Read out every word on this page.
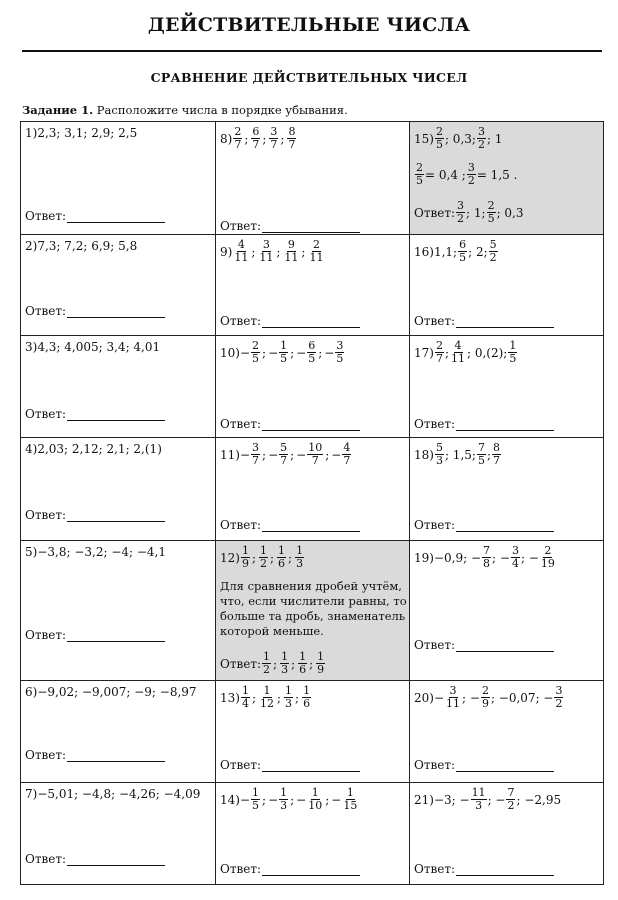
ДЕЙСТВИТЕЛЬНЫЕ ЧИСЛА
СРАВНЕНИЕ ДЕЙСТВИТЕЛЬНЫХ ЧИСЕЛ
Задание 1. Расположите числа в порядке убывания.
1) 2,3; 3,1; 2,9; 2,5
Ответ:
2) 7,3; 7,2; 6,9; 5,8
Ответ:
3) 4,3; 4,005; 3,4; 4,01
Ответ:
4) 2,03; 2,12; 2,1; 2,(1)
Ответ:
5) −3,8; −3,2; −4; −4,1
Ответ:
6) −9,02; −9,007; −9; −8,97
Ответ:
7) −5,01; −4,8; −4,26; −4,09
Ответ:
$8) \frac{2}{7}$ ; $\frac{6}{7}$ ; $\frac{3}{7}$ ; $\frac{8}{7}$
Ответ:
$9) \frac{4}{11}$ ; $\frac{3}{11}$ ; $\frac{9}{11}$ ; $\frac{2}{11}$
Ответ:
$10) - \frac{2}{5}$ ; − $\frac{1}{5}$ ; − $\frac{6}{5}$ ; − $\frac{3}{5}$
Ответ:
$11) - \frac{3}{7}$ ; − $\frac{5}{7}$ ; − $\frac{10}{7}$ ; − $\frac{4}{7}$
Ответ:
$12) \frac{1}{9}$ ; $\frac{1}{2}$ ; $\frac{1}{6}$ ; $\frac{1}{3}$
Для сравнения дробей учтём, что, если числители равны, то больше та дробь, знаменатель которой меньше.
Ответ: $\frac{1}{2}$ ; $\frac{1}{3}$ ; $\frac{1}{6}$ ; $\frac{1}{9}$
$13) \frac{1}{4}$ ; $\frac{1}{12}$ ; $\frac{1}{3}$ ; $\frac{1}{6}$
Ответ:
$14) - \frac{1}{5}$ ; − $\frac{1}{3}$ ; − $\frac{1}{10}$ ; − $\frac{1}{15}$
Ответ:
$15) \frac{2}{5}$ ; 0,3; $\frac{3}{2}$ ; 1
$\frac{2}{5} = 0,4$ ; $\frac{3}{2} = 1,5$ .
Ответ: $\frac{3}{2}$ ; 1; $\frac{2}{5}$ ; 0,3
16) 1,1; $\frac{6}{5}$ ; 2; $\frac{5}{2}$
Ответ:
$17) \frac{2}{7}$ ; $\frac{4}{11}$ ; 0,(2); $\frac{1}{5}$
Ответ:
$18) \frac{5}{3}$ ; 1,5; $\frac{7}{5}$ ; $\frac{8}{7}$
Ответ:
19) −0,9; − $\frac{7}{8}$ ; − $\frac{3}{4}$ ; − $\frac{2}{19}$
Ответ:
$20) - \frac{3}{11}$ ; − $\frac{2}{9}$ ; −0,07; − $\frac{3}{2}$
Ответ:
21) −3; − $\frac{11}{3}$ ; − $\frac{7}{2}$ ; −2,95
Ответ:
